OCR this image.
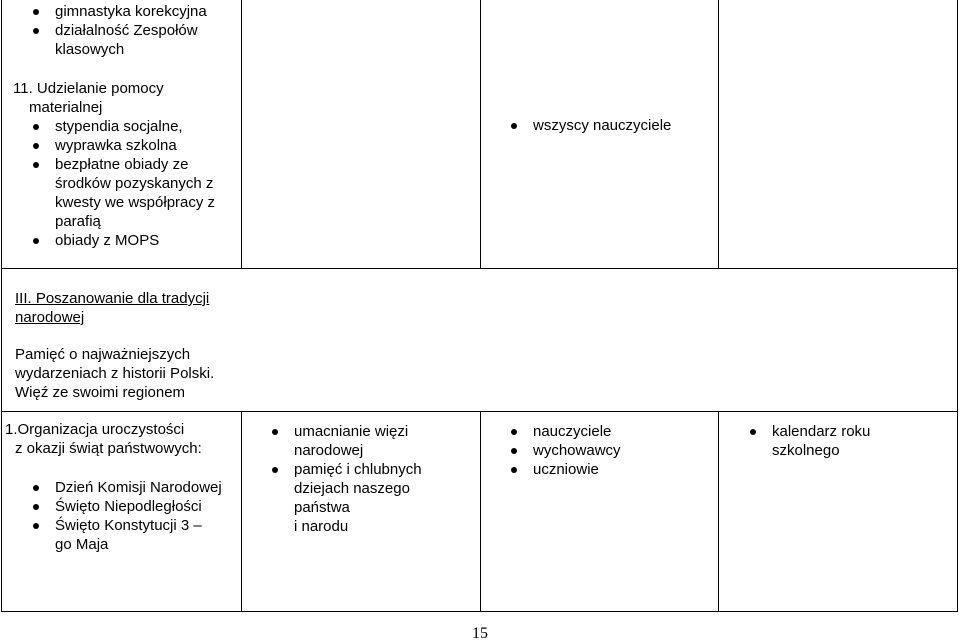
gimnastyka korekcyjna
działalność Zespołów
klasowych
11. Udzielanie pomocy
materialnej
stypendia socjalne,
wyprawka szkolna
bezpłatne obiady ze
środków pozyskanych z
kwesty we współpracy z
parafią
obiady z MOPS
wszyscy nauczyciele
III. Poszanowanie dla tradycji
narodowej
Pamięć o najważniejszych
wydarzeniach z historii Polski.
Więź ze swoimi regionem
1.Organizacja uroczystości
z okazji świąt państwowych:
Dzień Komisji Narodowej
Święto Niepodległości
Święto Konstytucji 3 –
go Maja
umacnianie więzi
narodowej
pamięć i chlubnych
dziejach naszego
państwa
i narodu
nauczyciele
wychowawcy
uczniowie
kalendarz roku
szkolnego
15
